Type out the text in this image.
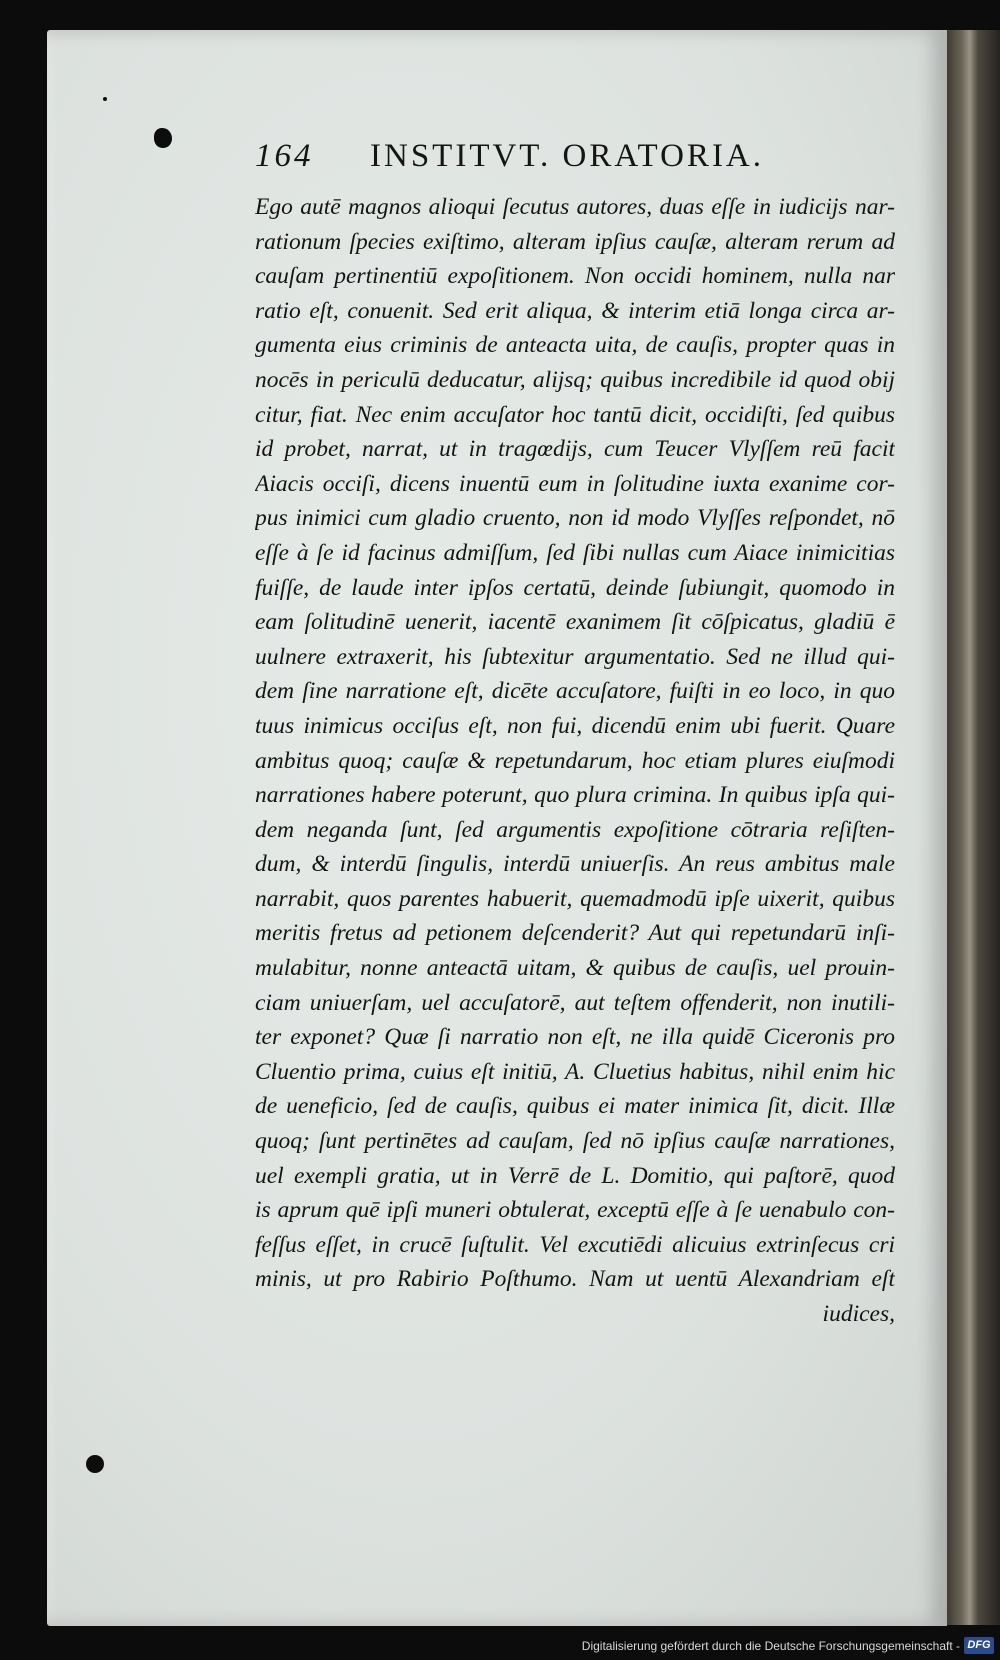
164 INSTITVT. ORATORIA.
Ego autē magnos alioqui ſecutus autores, duas eſſe in iudicijs nar-
rationum ſpecies exiſtimo, alteram ipſius cauſæ, alteram rerum ad
cauſam pertinentiū expoſitionem. Non occidi hominem, nulla nar
ratio eſt, conuenit. Sed erit aliqua, & interim etiā longa circa ar-
gumenta eius criminis de anteacta uita, de cauſis, propter quas in
nocēs in periculū deducatur, alijsq; quibus incredibile id quod obij
citur, fiat. Nec enim accuſator hoc tantū dicit, occidiſti, ſed quibus
id probet, narrat, ut in tragœdijs, cum Teucer Vlyſſem reū facit
Aiacis occiſi, dicens inuentū eum in ſolitudine iuxta exanime cor-
pus inimici cum gladio cruento, non id modo Vlyſſes reſpondet, nō
eſſe à ſe id facinus admiſſum, ſed ſibi nullas cum Aiace inimicitias
fuiſſe, de laude inter ipſos certatū, deinde ſubiungit, quomodo in
eam ſolitudinē uenerit, iacentē exanimem ſit cōſpicatus, gladiū ē
uulnere extraxerit, his ſubtexitur argumentatio. Sed ne illud qui-
dem ſine narratione eſt, dicēte accuſatore, fuiſti in eo loco, in quo
tuus inimicus occiſus eſt, non fui, dicendū enim ubi fuerit. Quare
ambitus quoq; cauſæ & repetundarum, hoc etiam plures eiuſmodi
narrationes habere poterunt, quo plura crimina. In quibus ipſa qui-
dem neganda ſunt, ſed argumentis expoſitione cōtraria reſiſten-
dum, & interdū ſingulis, interdū uniuerſis. An reus ambitus male
narrabit, quos parentes habuerit, quemadmodū ipſe uixerit, quibus
meritis fretus ad petionem deſcenderit? Aut qui repetundarū inſi-
mulabitur, nonne anteactā uitam, & quibus de cauſis, uel prouin-
ciam uniuerſam, uel accuſatorē, aut teſtem offenderit, non inutili-
ter exponet? Quæ ſi narratio non eſt, ne illa quidē Ciceronis pro
Cluentio prima, cuius eſt initiū, A. Cluetius habitus, nihil enim hic
de ueneficio, ſed de cauſis, quibus ei mater inimica ſit, dicit. Illæ
quoq; ſunt pertinētes ad cauſam, ſed nō ipſius cauſæ narrationes,
uel exempli gratia, ut in Verrē de L. Domitio, qui paſtorē, quod
is aprum quē ipſi muneri obtulerat, exceptū eſſe à ſe uenabulo con-
feſſus eſſet, in crucē ſuſtulit. Vel excutiēdi alicuius extrinſecus cri
minis, ut pro Rabirio Poſthumo. Nam ut uentū Alexandriam eſt
iudices,
Digitalisierung gefördert durch die Deutsche Forschungsgemeinschaft - DFG
